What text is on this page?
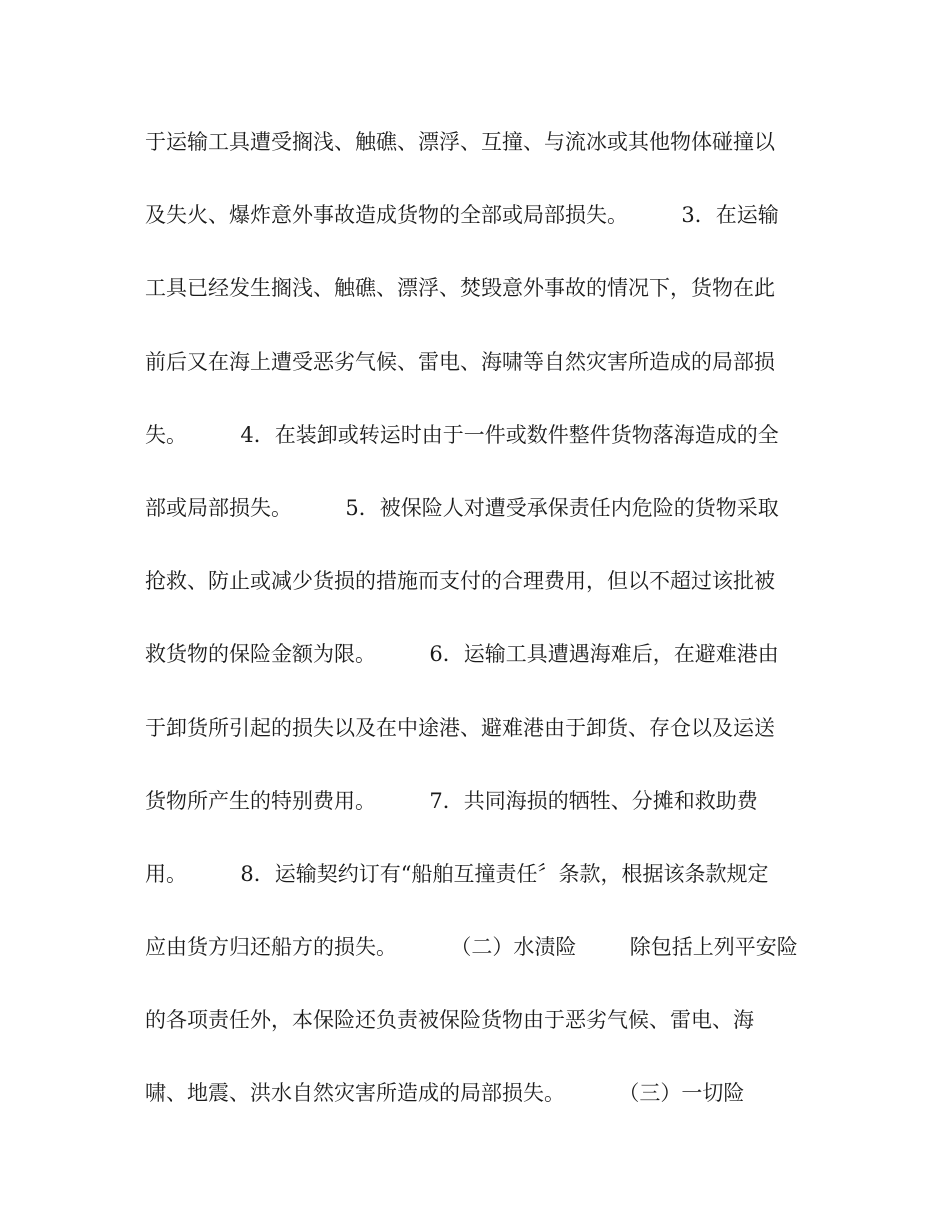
于运输工具遭受搁浅、触礁、漂浮、互撞、与流冰或其他物体碰撞以
及失火、爆炸意外事故造成货物的全部或局部损失。        3．在运输
工具已经发生搁浅、触礁、漂浮、焚毁意外事故的情况下，货物在此
前后又在海上遭受恶劣气候、雷电、海啸等自然灾害所造成的局部损
失。        4．在装卸或转运时由于一件或数件整件货物落海造成的全
部或局部损失。        5．被保险人对遭受承保责任内危险的货物采取
抢救、防止或减少货损的措施而支付的合理费用，但以不超过该批被
救货物的保险金额为限。        6．运输工具遭遇海难后，在避难港由
于卸货所引起的损失以及在中途港、避难港由于卸货、存仓以及运送
货物所产生的特别费用。        7．共同海损的牺牲、分摊和救助费
用。        8．运输契约订有“船舶互撞责任〞条款，根据该条款规定
应由货方归还船方的损失。        （二）水渍险        除包括上列平安险
的各项责任外，本保险还负责被保险货物由于恶劣气候、雷电、海
啸、地震、洪水自然灾害所造成的局部损失。        （三）一切险
